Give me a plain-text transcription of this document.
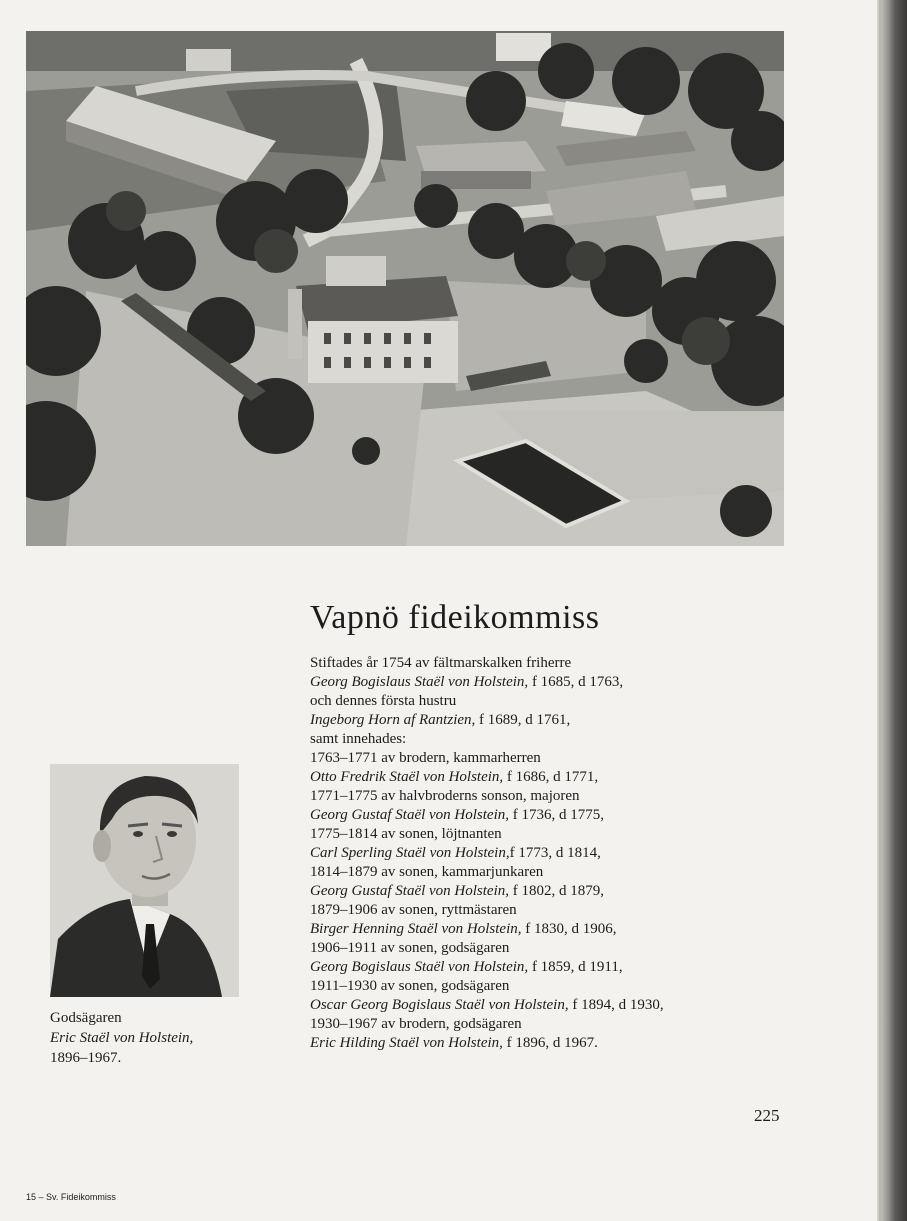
Godsägaren
Eric Staël von Holstein,
1896–1967.
Vapnö fideikommiss
Stiftades år 1754 av fältmarskalken friherre
Georg Bogislaus Staël von Holstein, f 1685, d 1763,
och dennes första hustru
Ingeborg Horn af Rantzien, f 1689, d 1761,
samt innehades:
1763–1771 av brodern, kammarherren
Otto Fredrik Staël von Holstein, f 1686, d 1771,
1771–1775 av halvbroderns sonson, majoren
Georg Gustaf Staël von Holstein, f 1736, d 1775,
1775–1814 av sonen, löjtnanten
Carl Sperling Staël von Holstein,f 1773, d 1814,
1814–1879 av sonen, kammarjunkaren
Georg Gustaf Staël von Holstein, f 1802, d 1879,
1879–1906 av sonen, ryttmästaren
Birger Henning Staël von Holstein, f 1830, d 1906,
1906–1911 av sonen, godsägaren
Georg Bogislaus Staël von Holstein, f 1859, d 1911,
1911–1930 av sonen, godsägaren
Oscar Georg Bogislaus Staël von Holstein, f 1894, d 1930,
1930–1967 av brodern, godsägaren
Eric Hilding Staël von Holstein, f 1896, d 1967.
225
15 – Sv. Fideikommiss
